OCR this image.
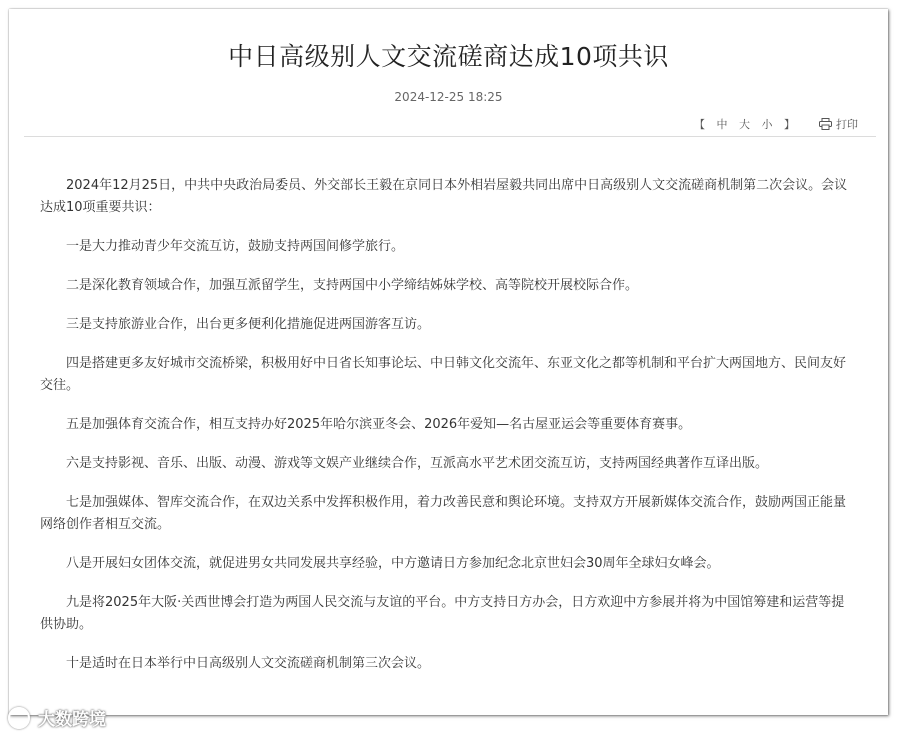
中日高级别人文交流磋商达成10项共识
2024-12-25 18:25
【 中 大 小 】	打印

2024年12月25日，中共中央政治局委员、外交部长王毅在京同日本外相岩屋毅共同出席中日高级别人文交流磋商机制第二次会议。会议达成10项重要共识：

一是大力推动青少年交流互访，鼓励支持两国间修学旅行。

二是深化教育领域合作，加强互派留学生，支持两国中小学缔结姊妹学校、高等院校开展校际合作。

三是支持旅游业合作，出台更多便利化措施促进两国游客互访。

四是搭建更多友好城市交流桥梁，积极用好中日省长知事论坛、中日韩文化交流年、东亚文化之都等机制和平台扩大两国地方、民间友好交往。

五是加强体育交流合作，相互支持办好2025年哈尔滨亚冬会、2026年爱知—名古屋亚运会等重要体育赛事。

六是支持影视、音乐、出版、动漫、游戏等文娱产业继续合作，互派高水平艺术团交流互访，支持两国经典著作互译出版。

七是加强媒体、智库交流合作，在双边关系中发挥积极作用，着力改善民意和舆论环境。支持双方开展新媒体交流合作，鼓励两国正能量网络创作者相互交流。

八是开展妇女团体交流，就促进男女共同发展共享经验，中方邀请日方参加纪念北京世妇会30周年全球妇女峰会。

九是将2025年大阪·关西世博会打造为两国人民交流与友谊的平台。中方支持日方办会，日方欢迎中方参展并将为中国馆筹建和运营等提供协助。

十是适时在日本举行中日高级别人文交流磋商机制第三次会议。

大数跨境
